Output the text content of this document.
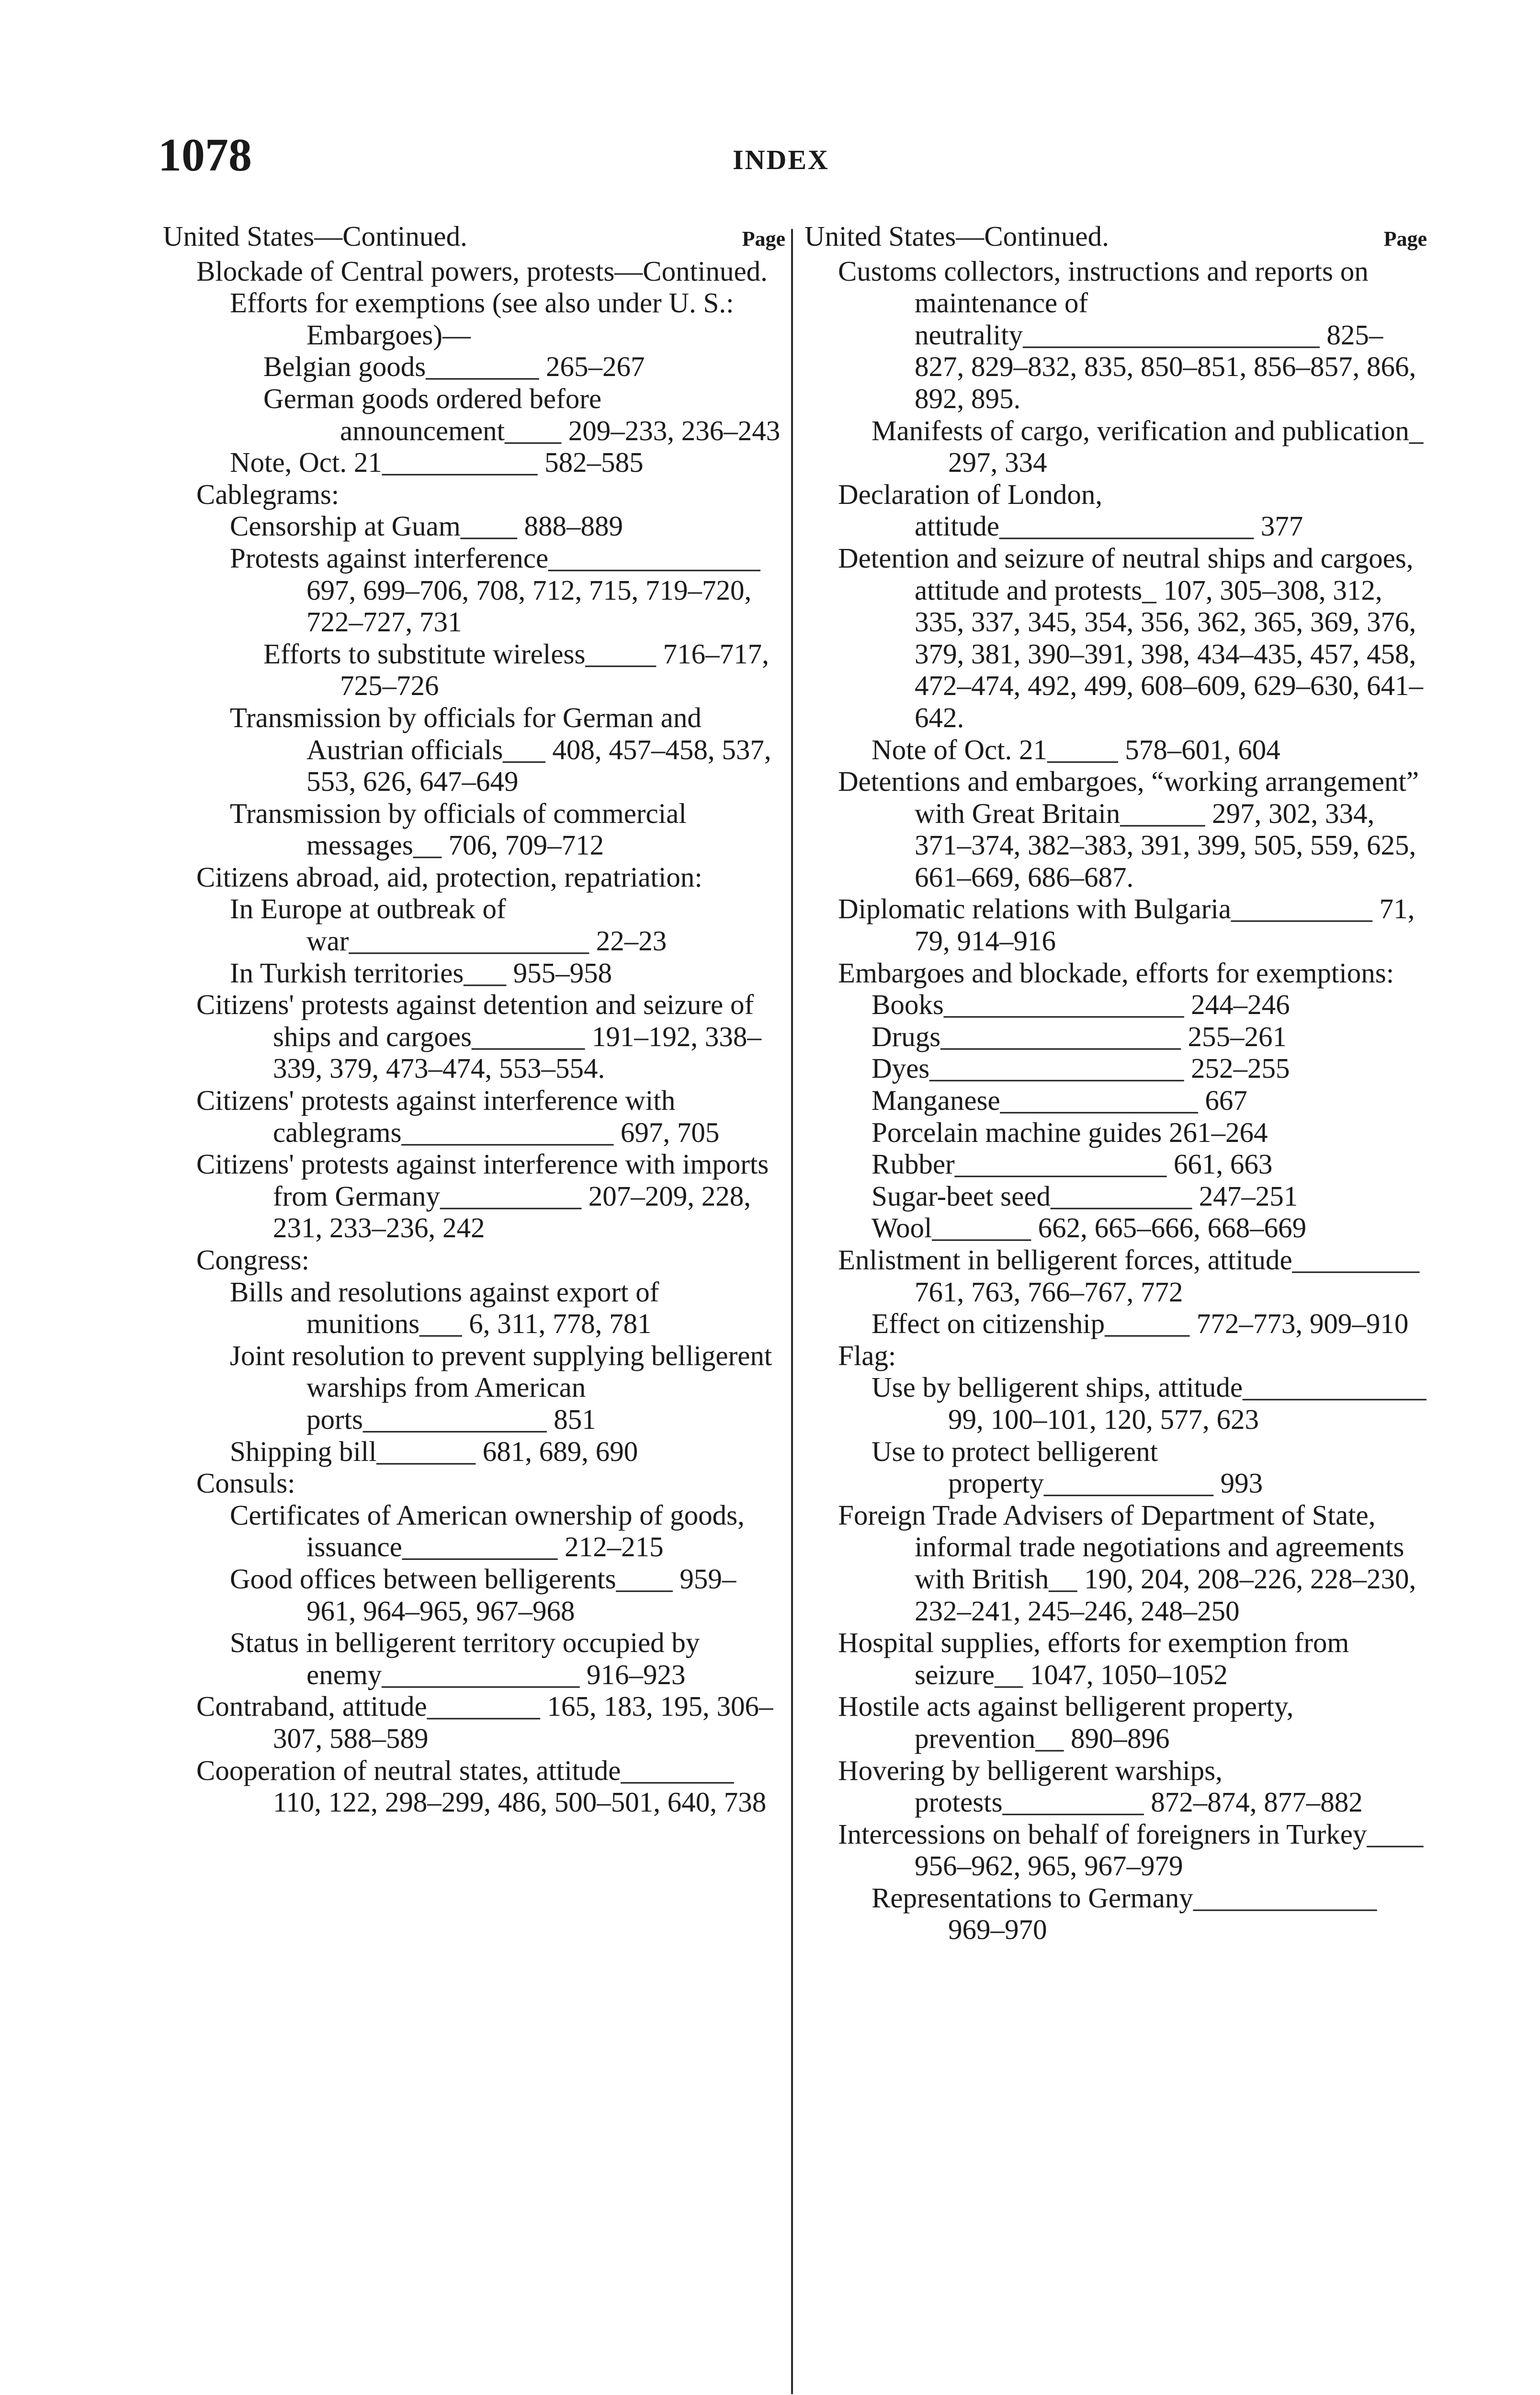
1078	INDEX
United States—Continued.	Page
Blockade of Central powers, protests—Continued.
Efforts for exemptions (see also under U. S.: Embargoes)—
Belgian goods________ 265–267
German goods ordered before announcement____ 209–233, 236–243
Note, Oct. 21___________ 582–585
Cablegrams:
Censorship at Guam____ 888–889
Protests against interference_______________ 697, 699–706, 708, 712, 715, 719–720, 722–727, 731
Efforts to substitute wireless_____ 716–717, 725–726
Transmission by officials for German and Austrian officials___ 408, 457–458, 537, 553, 626, 647–649
Transmission by officials of commercial messages__ 706, 709–712
Citizens abroad, aid, protection, repatriation:
In Europe at outbreak of war_________________ 22–23
In Turkish territories___ 955–958
Citizens' protests against detention and seizure of ships and cargoes________ 191–192, 338–339, 379, 473–474, 553–554.
Citizens' protests against interference with cablegrams_______________ 697, 705
Citizens' protests against interference with imports from Germany__________ 207–209, 228, 231, 233–236, 242
Congress:
Bills and resolutions against export of munitions___ 6, 311, 778, 781
Joint resolution to prevent supplying belligerent warships from American ports_____________ 851
Shipping bill_______ 681, 689, 690
Consuls:
Certificates of American ownership of goods, issuance___________ 212–215
Good offices between belligerents____ 959–961, 964–965, 967–968
Status in belligerent territory occupied by enemy______________ 916–923
Contraband, attitude________ 165, 183, 195, 306–307, 588–589
Cooperation of neutral states, attitude________ 110, 122, 298–299, 486, 500–501, 640, 738
United States—Continued.	Page
Customs collectors, instructions and reports on maintenance of neutrality_____________________ 825–827, 829–832, 835, 850–851, 856–857, 866, 892, 895.
Manifests of cargo, verification and publication_ 297, 334
Declaration of London, attitude__________________ 377
Detention and seizure of neutral ships and cargoes, attitude and protests_ 107, 305–308, 312, 335, 337, 345, 354, 356, 362, 365, 369, 376, 379, 381, 390–391, 398, 434–435, 457, 458, 472–474, 492, 499, 608–609, 629–630, 641–642.
Note of Oct. 21_____ 578–601, 604
Detentions and embargoes, “working arrangement” with Great Britain______ 297, 302, 334, 371–374, 382–383, 391, 399, 505, 559, 625, 661–669, 686–687.
Diplomatic relations with Bulgaria__________ 71, 79, 914–916
Embargoes and blockade, efforts for exemptions:
Books_________________ 244–246
Drugs_________________ 255–261
Dyes__________________ 252–255
Manganese______________ 667
Porcelain machine guides 261–264
Rubber_______________ 661, 663
Sugar-beet seed__________ 247–251
Wool_______ 662, 665–666, 668–669
Enlistment in belligerent forces, attitude_________ 761, 763, 766–767, 772
Effect on citizenship______ 772–773, 909–910
Flag:
Use by belligerent ships, attitude_____________ 99, 100–101, 120, 577, 623
Use to protect belligerent property____________ 993
Foreign Trade Advisers of Department of State, informal trade negotiations and agreements with British__ 190, 204, 208–226, 228–230, 232–241, 245–246, 248–250
Hospital supplies, efforts for exemption from seizure__ 1047, 1050–1052
Hostile acts against belligerent property, prevention__ 890–896
Hovering by belligerent warships, protests__________ 872–874, 877–882
Intercessions on behalf of foreigners in Turkey____ 956–962, 965, 967–979
Representations to Germany_____________ 969–970
